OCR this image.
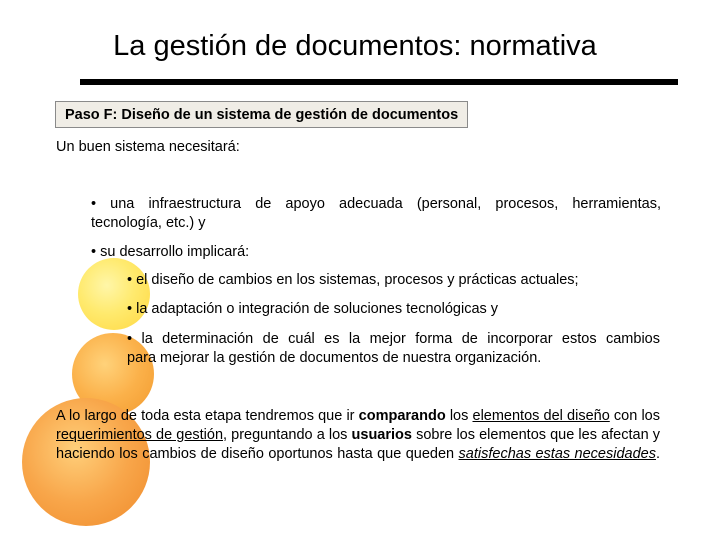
La gestión de documentos: normativa
Paso F: Diseño de un sistema de gestión de documentos
Un buen sistema necesitará:
• una infraestructura de apoyo adecuada (personal, procesos, herramientas,
tecnología, etc.) y
• su desarrollo implicará:
• el diseño de cambios en los sistemas, procesos y prácticas actuales;
• la adaptación o integración de soluciones tecnológicas y
• la determinación de cuál es la mejor forma de incorporar estos cambios
para mejorar la gestión de documentos de nuestra organización.
A lo largo de toda esta etapa tendremos que ir comparando los elementos del diseño con los requerimientos de gestión, preguntando a los usuarios sobre los elementos que les afectan y haciendo los cambios de diseño oportunos hasta que queden satisfechas estas necesidades.
